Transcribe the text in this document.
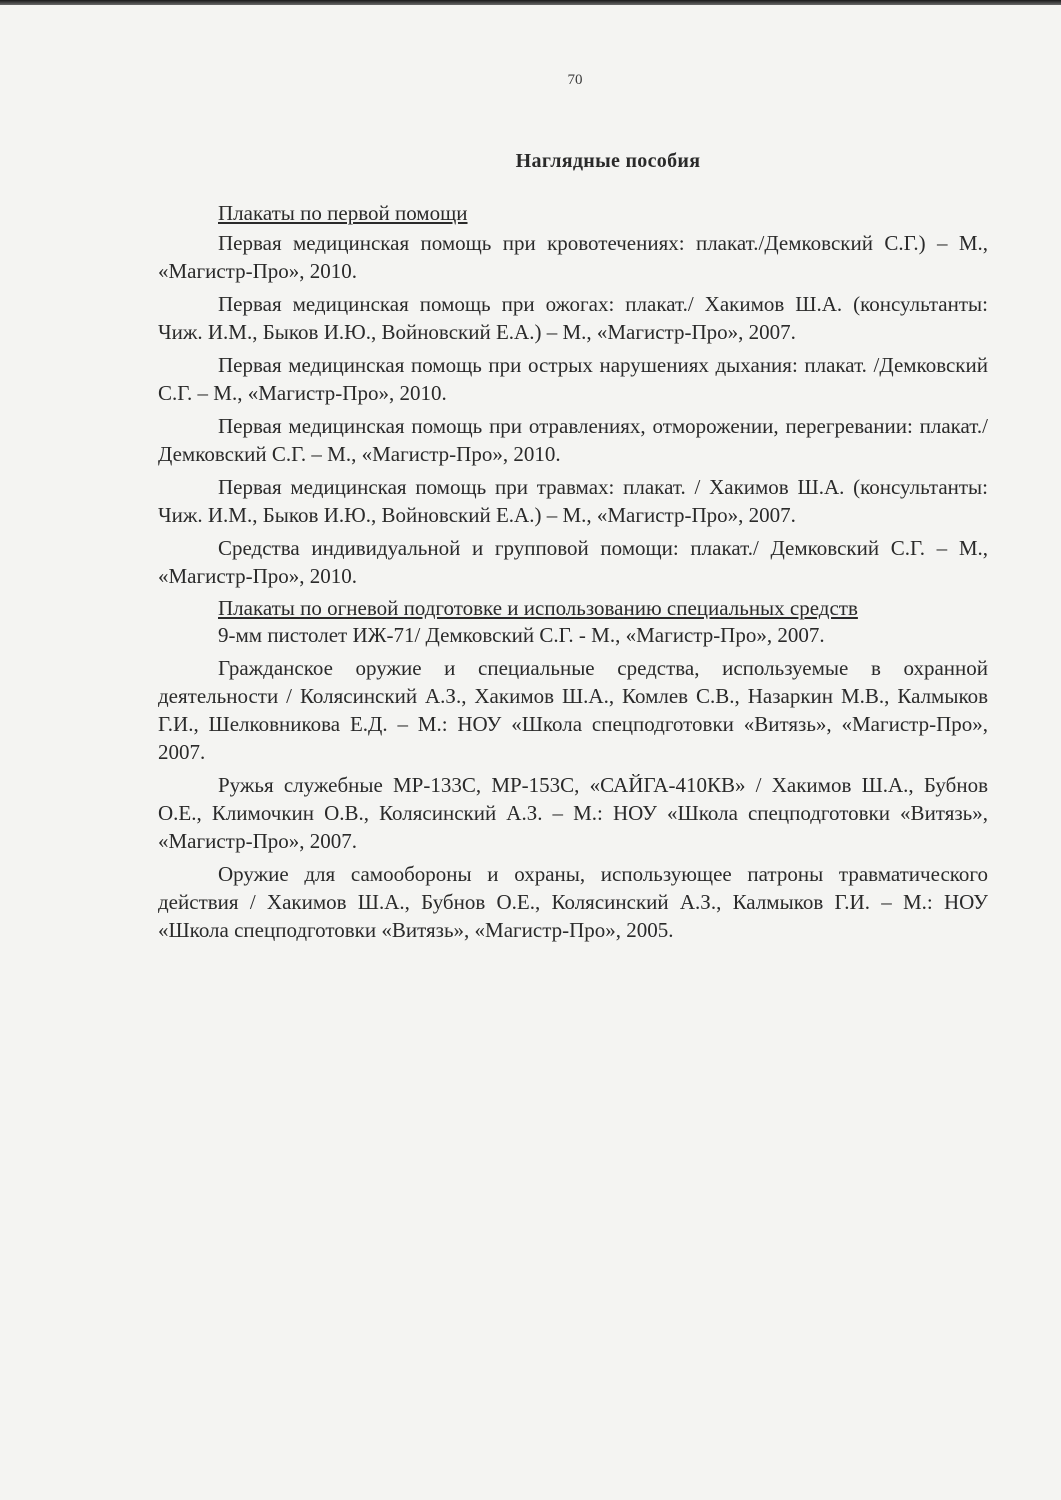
70
Наглядные пособия

Плакаты по первой помощи

Первая медицинская помощь при кровотечениях: плакат./Демковский С.Г.) – М., «Магистр-Про», 2010.

Первая медицинская помощь при ожогах: плакат./ Хакимов Ш.А. (консультанты: Чиж. И.М., Быков И.Ю., Войновский Е.А.) – М., «Магистр-Про», 2007.

Первая медицинская помощь при острых нарушениях дыхания: плакат. /Демковский С.Г. – М., «Магистр-Про», 2010.

Первая медицинская помощь при отравлениях, отморожении, перегревании: плакат./Демковский С.Г. – М., «Магистр-Про», 2010.

Первая медицинская помощь при травмах: плакат. / Хакимов Ш.А. (консультанты: Чиж. И.М., Быков И.Ю., Войновский Е.А.) – М., «Магистр-Про», 2007.

Средства индивидуальной и групповой помощи: плакат./ Демковский С.Г. – М., «Магистр-Про», 2010.

Плакаты по огневой подготовке и использованию специальных средств

9-мм пистолет ИЖ-71/ Демковский С.Г. - М., «Магистр-Про», 2007.

Гражданское оружие и специальные средства, используемые в охранной деятельности / Колясинский А.З., Хакимов Ш.А., Комлев С.В., Назаркин М.В., Калмыков Г.И., Шелковникова Е.Д. – М.: НОУ «Школа спецподготовки «Витязь», «Магистр-Про», 2007.

Ружья служебные МР-133С, МР-153С, «САЙГА-410КВ» / Хакимов Ш.А., Бубнов О.Е., Климочкин О.В., Колясинский А.З. – М.: НОУ «Школа спецподготовки «Витязь», «Магистр-Про», 2007.

Оружие для самообороны и охраны, использующее патроны травматического действия / Хакимов Ш.А., Бубнов О.Е., Колясинский А.З., Калмыков Г.И. – М.: НОУ «Школа спецподготовки «Витязь», «Магистр-Про», 2005.
